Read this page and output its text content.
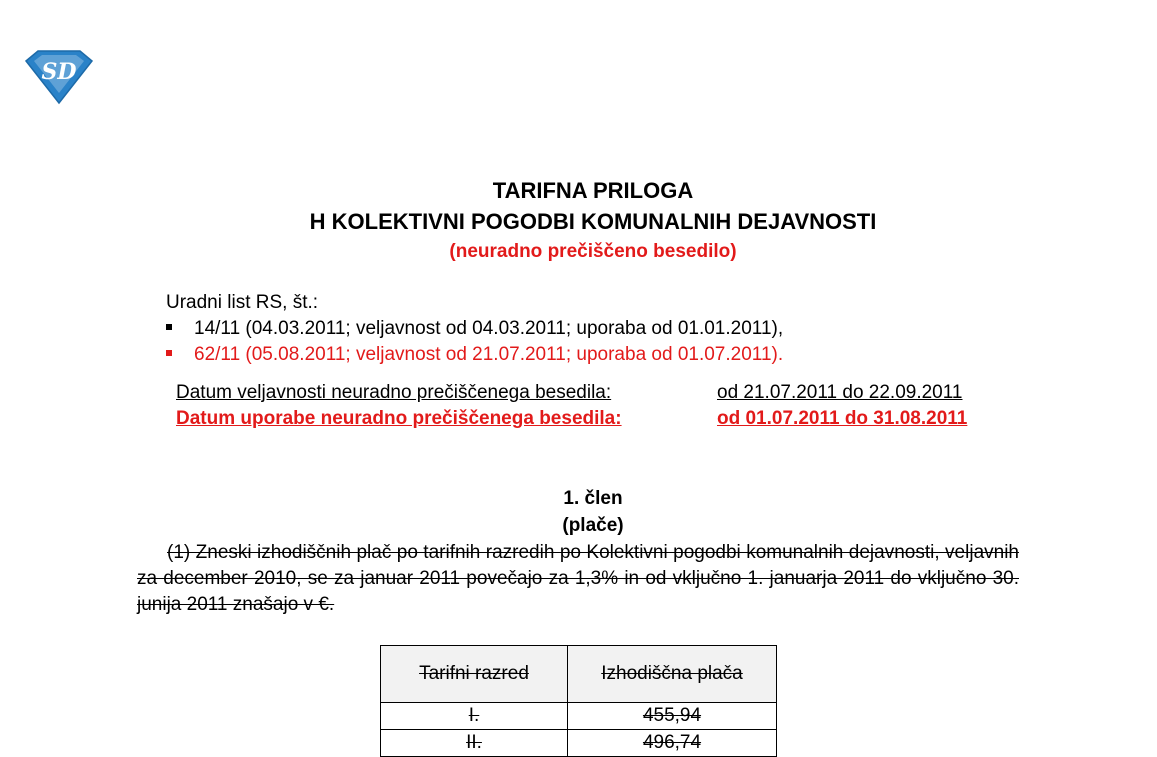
SD
TARIFNA PRILOGA
H KOLEKTIVNI POGODBI KOMUNALNIH DEJAVNOSTI
(neuradno prečiščeno besedilo)
Uradni list RS, št.:
14/11 (04.03.2011; veljavnost od 04.03.2011; uporaba od 01.01.2011),
62/11 (05.08.2011; veljavnost od 21.07.2011; uporaba od 01.07.2011).
Datum veljavnosti neuradno prečiščenega besedila:	od 21.07.2011 do 22.09.2011
Datum uporabe neuradno prečiščenega besedila:	od 01.07.2011 do 31.08.2011
1. člen
(plače)
(1) Zneski izhodiščnih plač po tarifnih razredih po Kolektivni pogodbi komunalnih dejavnosti, veljavnih za december 2010, se za januar 2011 povečajo za 1,3% in od vključno 1. januarja 2011 do vključno 30. junija 2011 znašajo v €.
Tarifni razred	Izhodiščna plača
I.	455,94
II.	496,74
